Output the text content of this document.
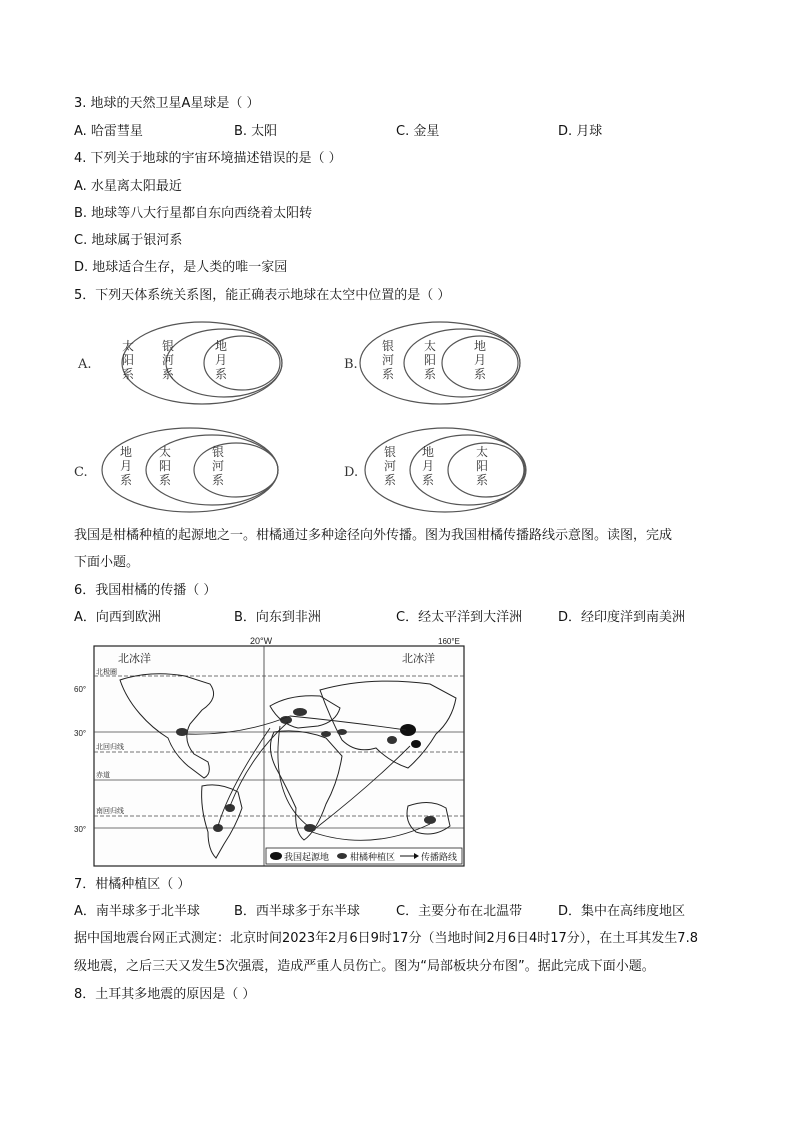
3. 地球的天然卫星A星球是（ ）
A. 哈雷彗星	B. 太阳	C. 金星	D. 月球
4. 下列关于地球的宇宙环境描述错误的是（ ）
A. 水星离太阳最近
B. 地球等八大行星都自东向西绕着太阳转
C. 地球属于银河系
D. 地球适合生存，是人类的唯一家园
5．下列天体系统关系图，能正确表示地球在太空中位置的是（ ）
A.
太
阳
系
银
河
系
地
月
系
B.
银
河
系
太
阳
系
地
月
系
C.
地
月
系
太
阳
系
银
河
系	D.
银
河
系
地
月
系
太
阳
系
我国是柑橘种植的起源地之一。柑橘通过多种途径向外传播。图为我国柑橘传播路线示意图。读图，完成
下面小题。
6．我国柑橘的传播（ ）
A．向西到欧洲	B．向东到非洲	C．经太平洋到大洋洲	D．经印度洋到南美洲
20°W	160°E
北冰洋	北冰洋
北极圈
60°
30°
北回归线
赤道
南回归线
30°
我国起源地 柑橘种植区	传播路线
7．柑橘种植区（ ）
A．南半球多于北半球	B．西半球多于东半球	C．主要分布在北温带	D．集中在高纬度地区
据中国地震台网正式测定：北京时间2023年2月6日9时17分（当地时间2月6日4时17分），在土耳其发生7.8
级地震，之后三天又发生5次强震，造成严重人员伤亡。图为“局部板块分布图”。据此完成下面小题。
8．土耳其多地震的原因是（ ）
